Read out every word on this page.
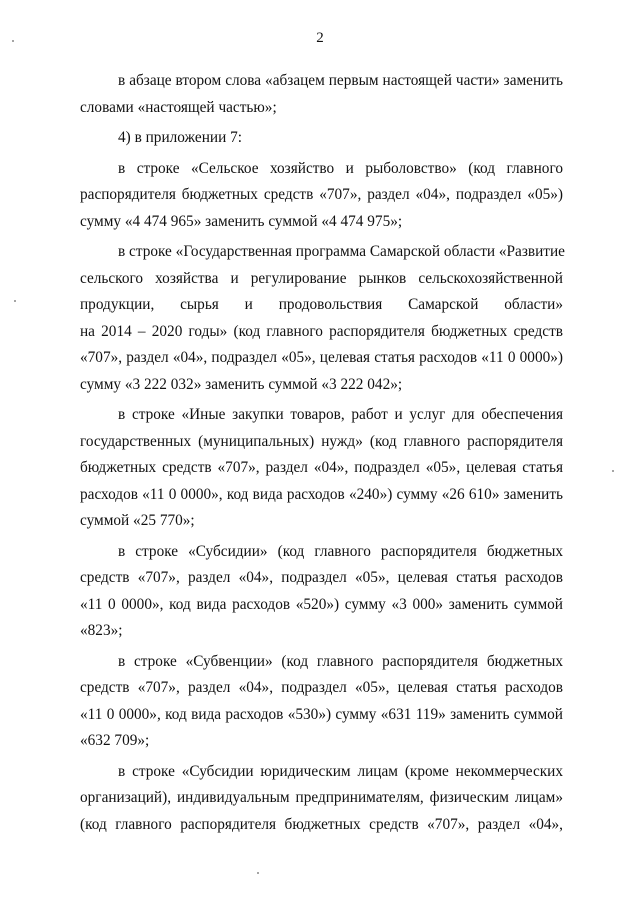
2

в абзаце втором слова «абзацем первым настоящей части» заменить
словами «настоящей частью»;

4) в приложении 7:

в строке «Сельское хозяйство и рыболовство» (код главного
распорядителя бюджетных средств «707», раздел «04», подраздел «05»)
сумму «4 474 965» заменить суммой «4 474 975»;

в строке «Государственная программа Самарской области «Развитие
сельского хозяйства и регулирование рынков сельскохозяйственной
продукции, сырья и продовольствия Самарской области»
на 2014 – 2020 годы» (код главного распорядителя бюджетных средств
«707», раздел «04», подраздел «05», целевая статья расходов «11 0 0000»)
сумму «3 222 032» заменить суммой «3 222 042»;

в строке «Иные закупки товаров, работ и услуг для обеспечения
государственных (муниципальных) нужд» (код главного распорядителя
бюджетных средств «707», раздел «04», подраздел «05», целевая статья
расходов «11 0 0000», код вида расходов «240») сумму «26 610» заменить
суммой «25 770»;

в строке «Субсидии» (код главного распорядителя бюджетных
средств «707», раздел «04», подраздел «05», целевая статья расходов
«11 0 0000», код вида расходов «520») сумму «3 000» заменить суммой
«823»;

в строке «Субвенции» (код главного распорядителя бюджетных
средств «707», раздел «04», подраздел «05», целевая статья расходов
«11 0 0000», код вида расходов «530») сумму «631 119» заменить суммой
«632 709»;

в строке «Субсидии юридическим лицам (кроме некоммерческих
организаций), индивидуальным предпринимателям, физическим лицам»
(код главного распорядителя бюджетных средств «707», раздел «04»,
